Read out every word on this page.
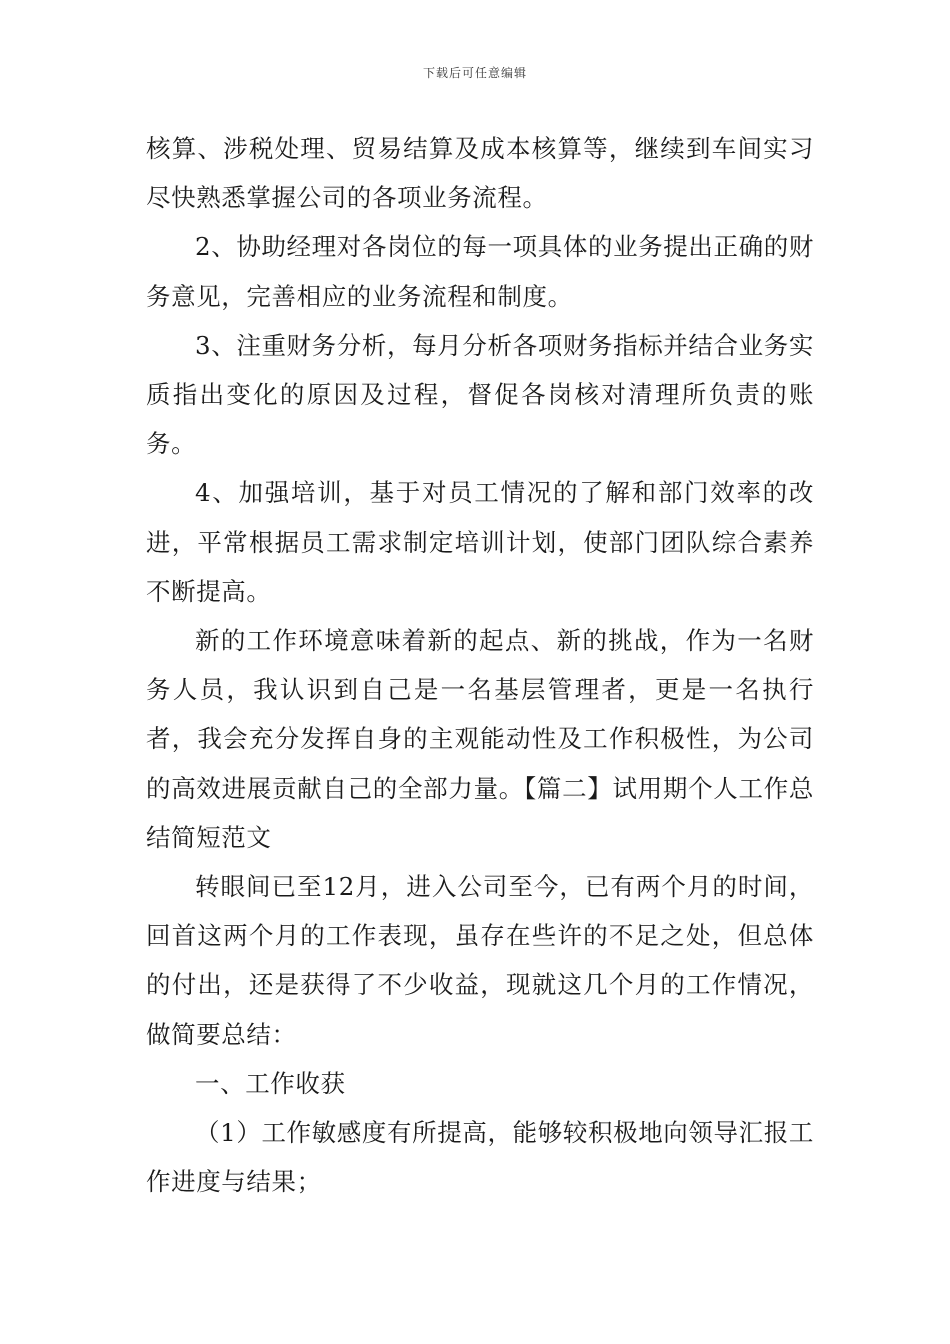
下载后可任意编辑

核算、涉税处理、贸易结算及成本核算等，继续到车间实习尽快熟悉掌握公司的各项业务流程。

2、协助经理对各岗位的每一项具体的业务提出正确的财务意见，完善相应的业务流程和制度。

3、注重财务分析，每月分析各项财务指标并结合业务实质指出变化的原因及过程，督促各岗核对清理所负责的账务。

4、加强培训，基于对员工情况的了解和部门效率的改进，平常根据员工需求制定培训计划，使部门团队综合素养不断提高。

新的工作环境意味着新的起点、新的挑战，作为一名财务人员，我认识到自己是一名基层管理者，更是一名执行者，我会充分发挥自身的主观能动性及工作积极性，为公司的高效进展贡献自己的全部力量。【篇二】试用期个人工作总结简短范文

转眼间已至12月，进入公司至今，已有两个月的时间，回首这两个月的工作表现，虽存在些许的不足之处，但总体的付出，还是获得了不少收益，现就这几个月的工作情况，做简要总结：

一、工作收获

（1）工作敏感度有所提高，能够较积极地向领导汇报工作进度与结果；
